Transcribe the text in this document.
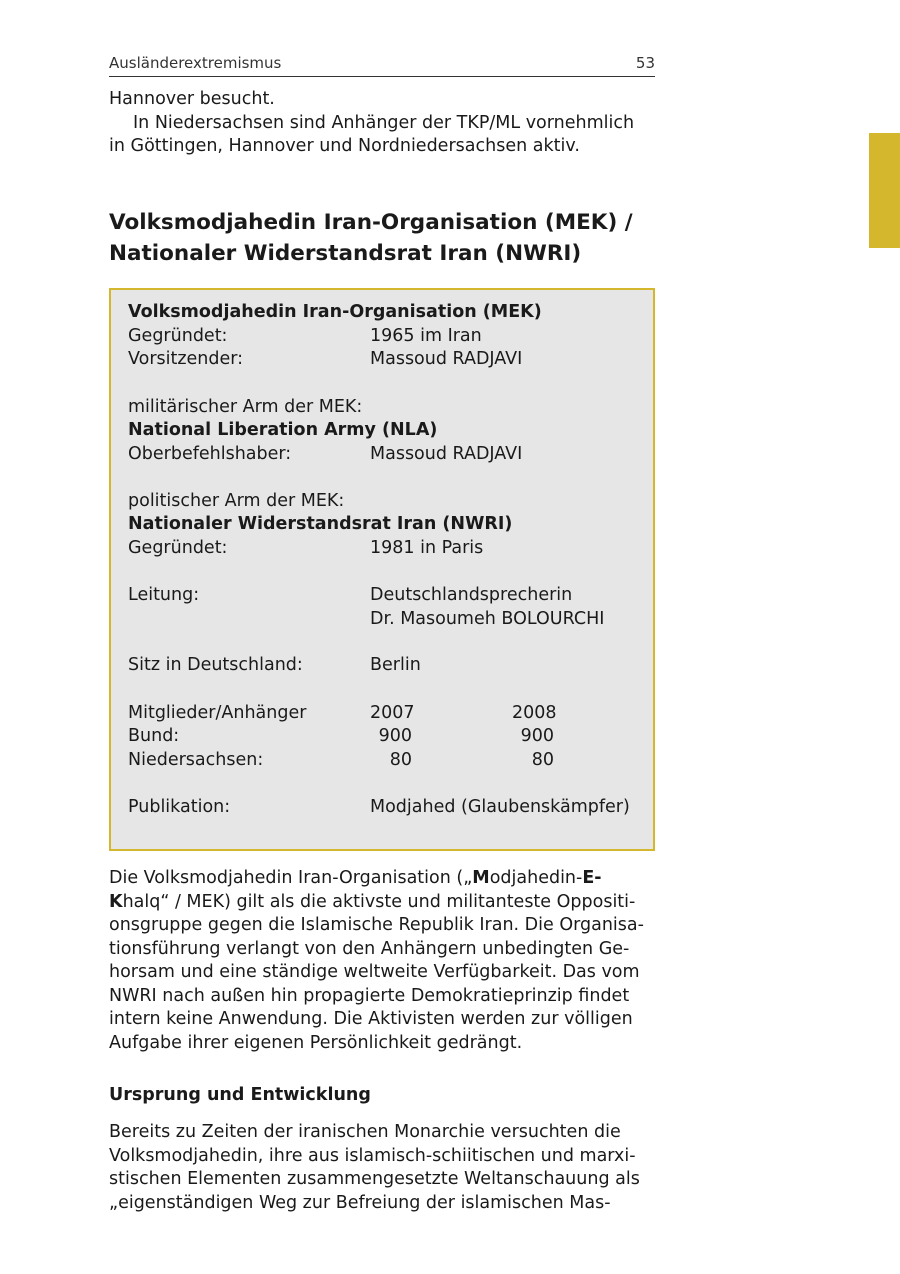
Ausländerextremismus	53
Hannover besucht.
In Niedersachsen sind Anhänger der TKP/ML vornehmlich
in Göttingen, Hannover und Nordniedersachsen aktiv.
Volksmodjahedin Iran-Organisation (MEK) /
Nationaler Widerstandsrat Iran (NWRI)
Volksmodjahedin Iran-Organisation (MEK)
Gegründet:	1965 im Iran
Vorsitzender:	Massoud RADJAVI
militärischer Arm der MEK:
National Liberation Army (NLA)
Oberbefehlshaber:	Massoud RADJAVI
politischer Arm der MEK:
Nationaler Widerstandsrat Iran (NWRI)
Gegründet:	1981 in Paris
Leitung:	Deutschlandsprecherin
Dr. Masoumeh BOLOURCHI
Sitz in Deutschland:	Berlin
Mitglieder/Anhänger	2007	2008
Bund:	900	900
Niedersachsen:	80	80
Publikation:	Modjahed (Glaubenskämpfer)
Die Volksmodjahedin Iran-Organisation („Modjahedin-E-
Khalq“ / MEK) gilt als die aktivste und militanteste Oppositi-
onsgruppe gegen die Islamische Republik Iran. Die Organisa-
tionsführung verlangt von den Anhängern unbedingten Ge-
horsam und eine ständige weltweite Verfügbarkeit. Das vom
NWRI nach außen hin propagierte Demokratieprinzip findet
intern keine Anwendung. Die Aktivisten werden zur völligen
Aufgabe ihrer eigenen Persönlichkeit gedrängt.
Ursprung und Entwicklung
Bereits zu Zeiten der iranischen Monarchie versuchten die
Volksmodjahedin, ihre aus islamisch-schiitischen und marxi-
stischen Elementen zusammengesetzte Weltanschauung als
„eigenständigen Weg zur Befreiung der islamischen Mas-
